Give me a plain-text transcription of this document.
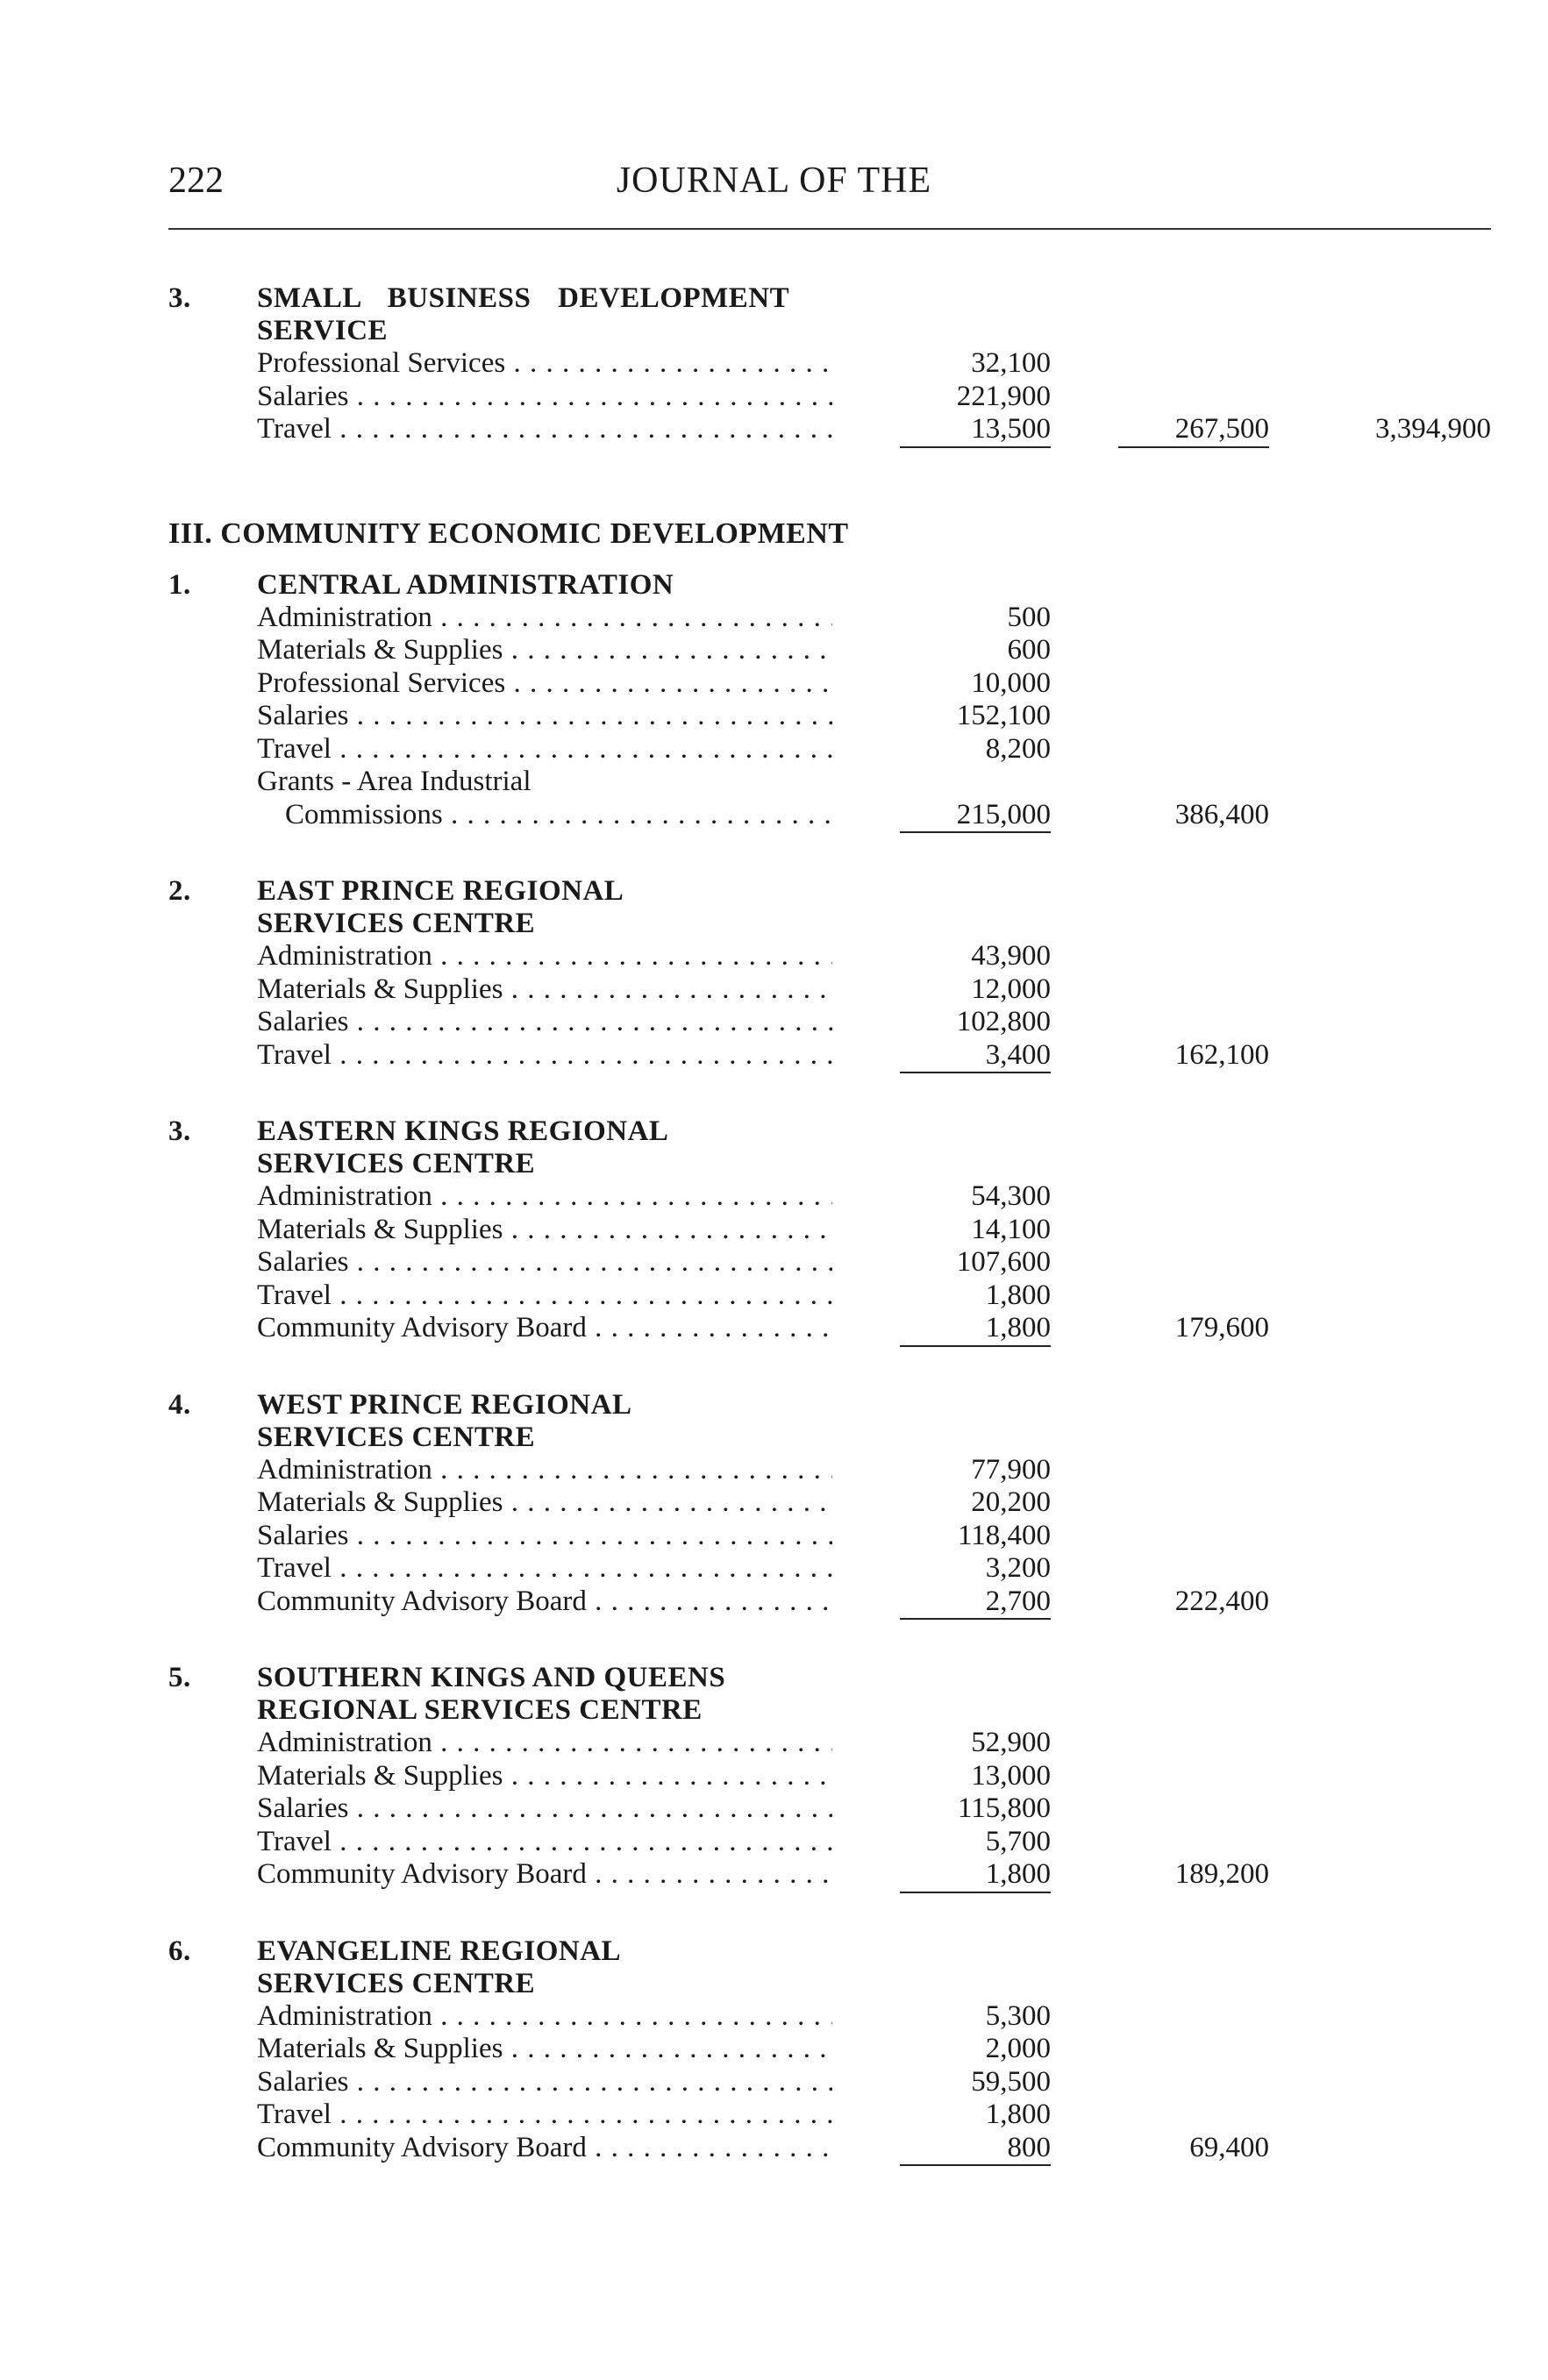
222	JOURNAL OF THE
3. SMALL BUSINESS DEVELOPMENT
SERVICE
Professional Services . . .	32,100
Salaries . . .	221,900
Travel . . .	13,500	267,500	3,394,900
III. COMMUNITY ECONOMIC DEVELOPMENT
1. CENTRAL ADMINISTRATION
Administration . . .	500
Materials & Supplies . . .	600
Professional Services . . .	10,000
Salaries . . .	152,100
Travel . . .	8,200
Grants - Area Industrial
Commissions . . .	215,000	386,400
2. EAST PRINCE REGIONAL
SERVICES CENTRE
Administration . . .	43,900
Materials & Supplies . . .	12,000
Salaries . . .	102,800
Travel . . .	3,400	162,100
3. EASTERN KINGS REGIONAL
SERVICES CENTRE
Administration . . .	54,300
Materials & Supplies . . .	14,100
Salaries . . .	107,600
Travel . . .	1,800
Community Advisory Board . . .	1,800	179,600
4. WEST PRINCE REGIONAL
SERVICES CENTRE
Administration . . .	77,900
Materials & Supplies . . .	20,200
Salaries . . .	118,400
Travel . . .	3,200
Community Advisory Board . . .	2,700	222,400
5. SOUTHERN KINGS AND QUEENS
REGIONAL SERVICES CENTRE
Administration . . .	52,900
Materials & Supplies . . .	13,000
Salaries . . .	115,800
Travel . . .	5,700
Community Advisory Board . . .	1,800	189,200
6. EVANGELINE REGIONAL
SERVICES CENTRE
Administration . . .	5,300
Materials & Supplies . . .	2,000
Salaries . . .	59,500
Travel . . .	1,800
Community Advisory Board . . .	800	69,400
